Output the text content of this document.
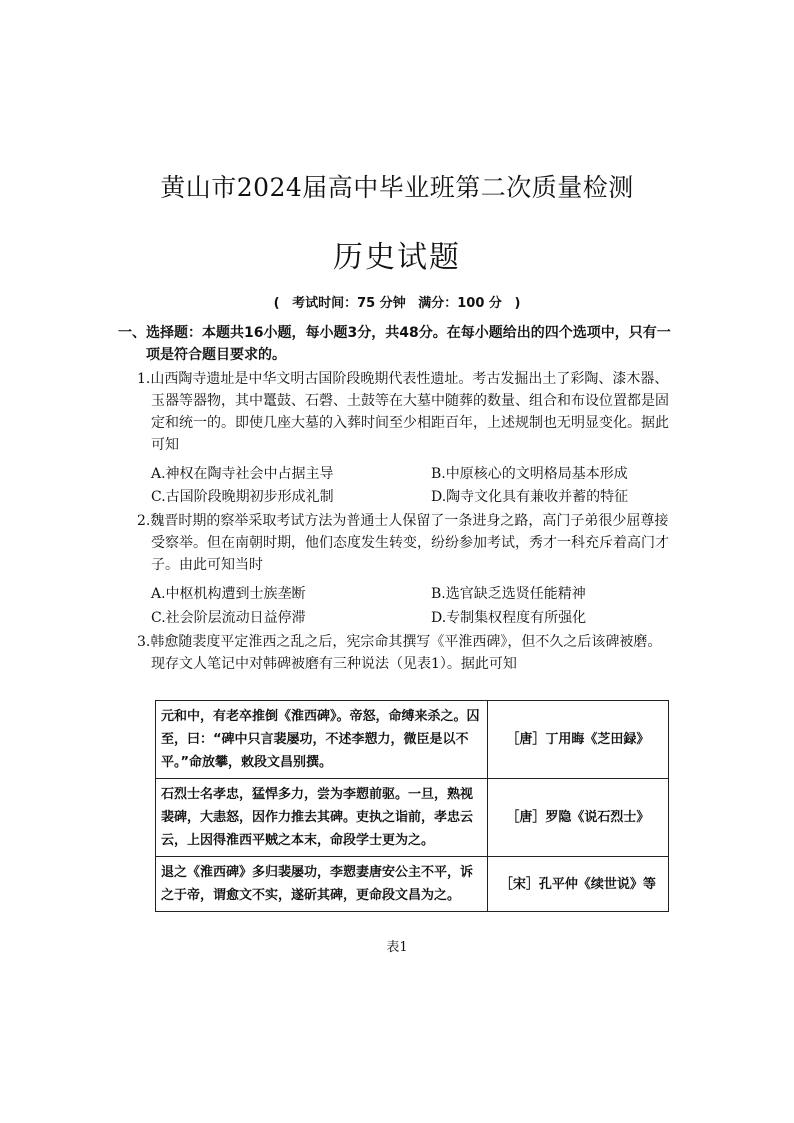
黄山市2024届高中毕业班第二次质量检测
历史试题
( 考试时间：75 分钟 满分：100 分 )
一、选择题：本题共16小题，每小题3分，共48分。在每小题给出的四个选项中，只有一
项是符合题目要求的。
1.山西陶寺遗址是中华文明古国阶段晚期代表性遗址。考古发掘出土了彩陶、漆木器、
玉器等器物，其中鼍鼓、石磬、土鼓等在大墓中随葬的数量、组合和布设位置都是固
定和统一的。即使几座大墓的入葬时间至少相距百年，上述规制也无明显变化。据此
可知
A.神权在陶寺社会中占据主导	B.中原核心的文明格局基本形成
C.古国阶段晚期初步形成礼制	D.陶寺文化具有兼收并蓄的特征
2.魏晋时期的察举采取考试方法为普通士人保留了一条进身之路，高门子弟很少屈尊接
受察举。但在南朝时期，他们态度发生转变，纷纷参加考试，秀才一科充斥着高门才
子。由此可知当时
A.中枢机构遭到士族垄断	B.选官缺乏选贤任能精神
C.社会阶层流动日益停滞	D.专制集权程度有所强化
3.韩愈随裴度平定淮西之乱之后，宪宗命其撰写《平淮西碑》，但不久之后该碑被磨。
现存文人笔记中对韩碑被磨有三种说法（见表1）。据此可知
元和中，有老卒推倒《淮西碑》。帝怒，命缚来杀之。囚至，曰：“碑中只言裴屡功，不述李愬力，微臣是以不平。”命放攀，敕段文昌别撰。	［唐］丁用晦《芝田録》
石烈士名孝忠，猛悍多力，尝为李愬前驱。一旦，熟视裴碑，大恚怒，因作力推去其碑。吏执之诣前，孝忠云云，上因得淮西平贼之本末，命段学士更为之。	［唐］罗隐《说石烈士》
退之《淮西碑》多归裴屡功，李愬妻唐安公主不平，诉之于帝，谓愈文不实，遂斫其碑，更命段文昌为之。	［宋］孔平仲《续世说》等
表1
